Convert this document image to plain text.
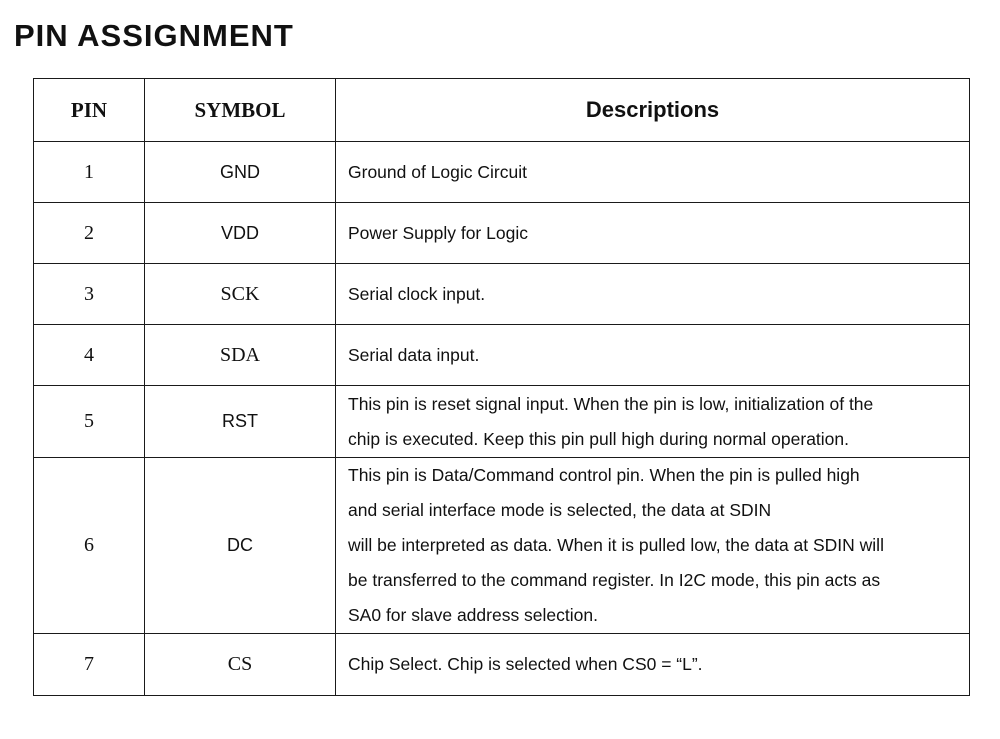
PIN ASSIGNMENT
PIN	SYMBOL	Descriptions
1	GND	Ground of Logic Circuit

2	VDD	Power Supply for Logic

3	SCK	Serial clock input.

4	SDA	Serial data input.

5	RST	This pin is reset signal input. When the pin is low, initialization of the
chip is executed. Keep this pin pull high during normal operation.

6	DC	This pin is Data/Command control pin. When the pin is pulled high
and serial interface mode is selected, the data at SDIN
will be interpreted as data. When it is pulled low, the data at SDIN will
be transferred to the command register. In I2C mode, this pin acts as
SA0 for slave address selection.

7	CS	Chip Select. Chip is selected when CS0 = “L”.
